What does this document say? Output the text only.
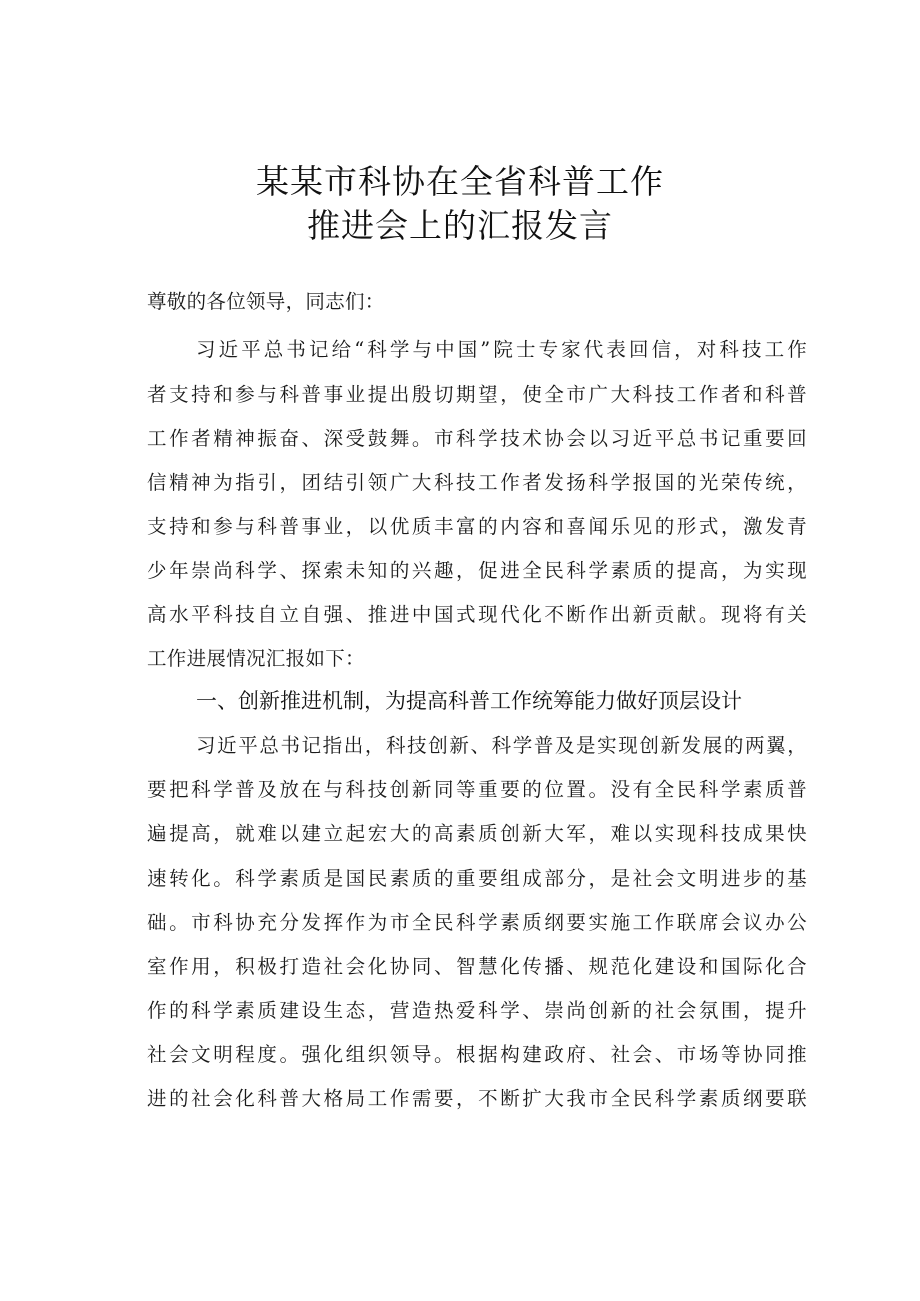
某某市科协在全省科普工作
推进会上的汇报发言
尊敬的各位领导，同志们：
习近平总书记给“科学与中国”院士专家代表回信，对科技工作
者支持和参与科普事业提出殷切期望，使全市广大科技工作者和科普
工作者精神振奋、深受鼓舞。市科学技术协会以习近平总书记重要回
信精神为指引，团结引领广大科技工作者发扬科学报国的光荣传统，
支持和参与科普事业，以优质丰富的内容和喜闻乐见的形式，激发青
少年崇尚科学、探索未知的兴趣，促进全民科学素质的提高，为实现
高水平科技自立自强、推进中国式现代化不断作出新贡献。现将有关
工作进展情况汇报如下：
一、创新推进机制，为提高科普工作统筹能力做好顶层设计
习近平总书记指出，科技创新、科学普及是实现创新发展的两翼，
要把科学普及放在与科技创新同等重要的位置。没有全民科学素质普
遍提高，就难以建立起宏大的高素质创新大军，难以实现科技成果快
速转化。科学素质是国民素质的重要组成部分，是社会文明进步的基
础。市科协充分发挥作为市全民科学素质纲要实施工作联席会议办公
室作用，积极打造社会化协同、智慧化传播、规范化建设和国际化合
作的科学素质建设生态，营造热爱科学、崇尚创新的社会氛围，提升
社会文明程度。强化组织领导。根据构建政府、社会、市场等协同推
进的社会化科普大格局工作需要，不断扩大我市全民科学素质纲要联
